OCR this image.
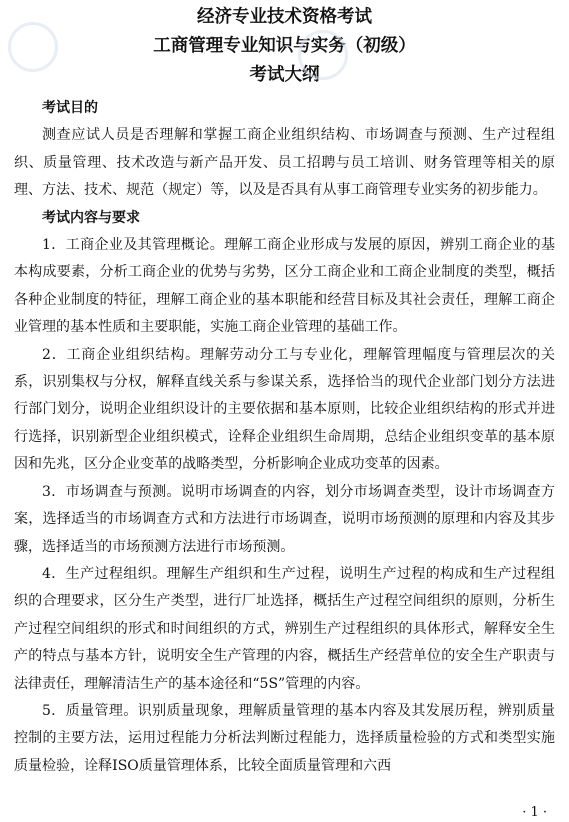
经济专业技术资格考试

工商管理专业知识与实务（初级）

考试大纲

考试目的

测查应试人员是否理解和掌握工商企业组织结构、市场调查与预测、生产过程组织、质量管理、技术改造与新产品开发、员工招聘与员工培训、财务管理等相关的原理、方法、技术、规范（规定）等，以及是否具有从事工商管理专业实务的初步能力。

考试内容与要求

1．工商企业及其管理概论。理解工商企业形成与发展的原因，辨别工商企业的基本构成要素，分析工商企业的优势与劣势，区分工商企业和工商企业制度的类型，概括各种企业制度的特征，理解工商企业的基本职能和经营目标及其社会责任，理解工商企业管理的基本性质和主要职能，实施工商企业管理的基础工作。

2．工商企业组织结构。理解劳动分工与专业化，理解管理幅度与管理层次的关系，识别集权与分权，解释直线关系与参谋关系，选择恰当的现代企业部门划分方法进行部门划分，说明企业组织设计的主要依据和基本原则，比较企业组织结构的形式并进行选择，识别新型企业组织模式，诠释企业组织生命周期，总结企业组织变革的基本原因和先兆，区分企业变革的战略类型，分析影响企业成功变革的因素。

3．市场调查与预测。说明市场调查的内容，划分市场调查类型，设计市场调查方案，选择适当的市场调查方式和方法进行市场调查，说明市场预测的原理和内容及其步骤，选择适当的市场预测方法进行市场预测。

4．生产过程组织。理解生产组织和生产过程，说明生产过程的构成和生产过程组织的合理要求，区分生产类型，进行厂址选择，概括生产过程空间组织的原则，分析生产过程空间组织的形式和时间组织的方式，辨别生产过程组织的具体形式，解释安全生产的特点与基本方针，说明安全生产管理的内容，概括生产经营单位的安全生产职责与法律责任，理解清洁生产的基本途径和“5S”管理的内容。

5．质量管理。识别质量现象，理解质量管理的基本内容及其发展历程，辨别质量控制的主要方法，运用过程能力分析法判断过程能力，选择质量检验的方式和类型实施质量检验，诠释ISO质量管理体系，比较全面质量管理和六西

· 1 ·
